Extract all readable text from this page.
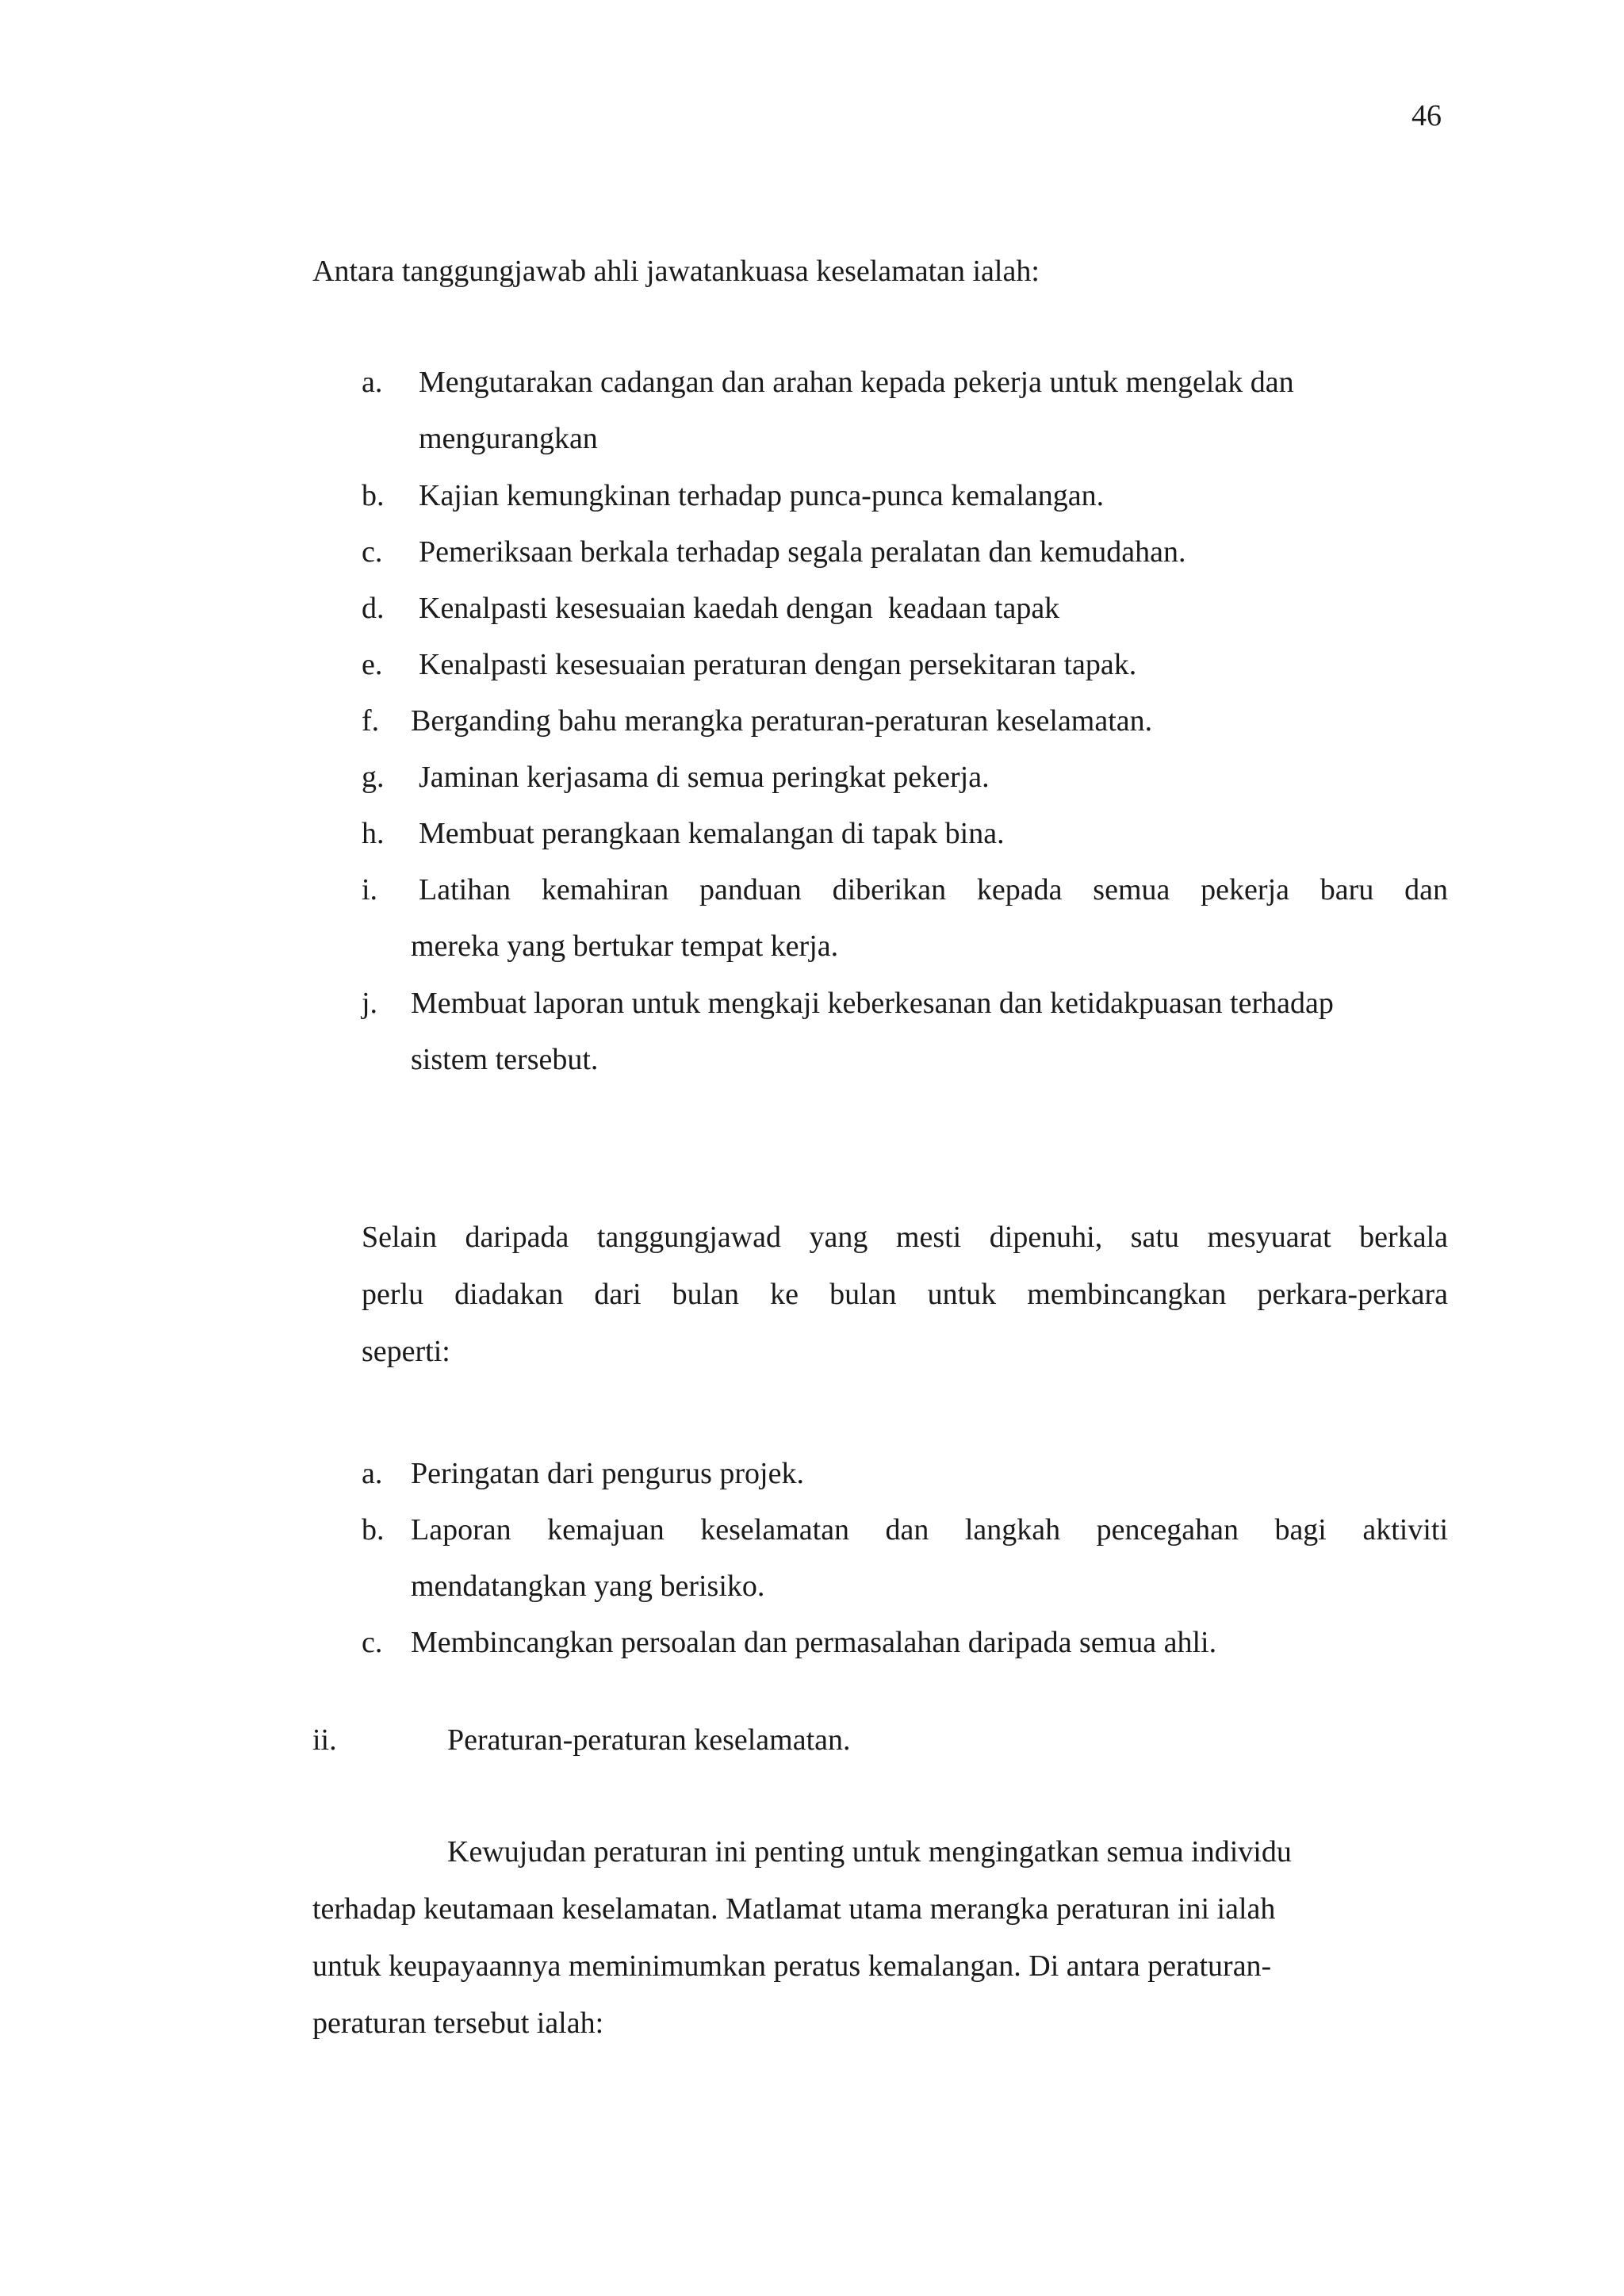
46
Antara tanggungjawab ahli jawatankuasa keselamatan ialah:
a. Mengutarakan cadangan dan arahan kepada pekerja untuk mengelak dan
mengurangkan
b. Kajian kemungkinan terhadap punca-punca kemalangan.
c. Pemeriksaan berkala terhadap segala peralatan dan kemudahan.
d. Kenalpasti kesesuaian kaedah dengan  keadaan tapak
e. Kenalpasti kesesuaian peraturan dengan persekitaran tapak.
f. Berganding bahu merangka peraturan-peraturan keselamatan.
g. Jaminan kerjasama di semua peringkat pekerja.
h. Membuat perangkaan kemalangan di tapak bina.
i. Latihan kemahiran panduan diberikan kepada semua pekerja baru dan
mereka yang bertukar tempat kerja.
j. Membuat laporan untuk mengkaji keberkesanan dan ketidakpuasan terhadap
sistem tersebut.
Selain daripada tanggungjawad yang mesti dipenuhi, satu mesyuarat berkala
perlu diadakan dari bulan ke bulan untuk membincangkan perkara-perkara
seperti:
a. Peringatan dari pengurus projek.
b. Laporan kemajuan keselamatan dan langkah pencegahan bagi aktiviti
mendatangkan yang berisiko.
c. Membincangkan persoalan dan permasalahan daripada semua ahli.
ii.	Peraturan-peraturan keselamatan.
Kewujudan peraturan ini penting untuk mengingatkan semua individu
terhadap keutamaan keselamatan. Matlamat utama merangka peraturan ini ialah
untuk keupayaannya meminimumkan peratus kemalangan. Di antara peraturan-
peraturan tersebut ialah:
